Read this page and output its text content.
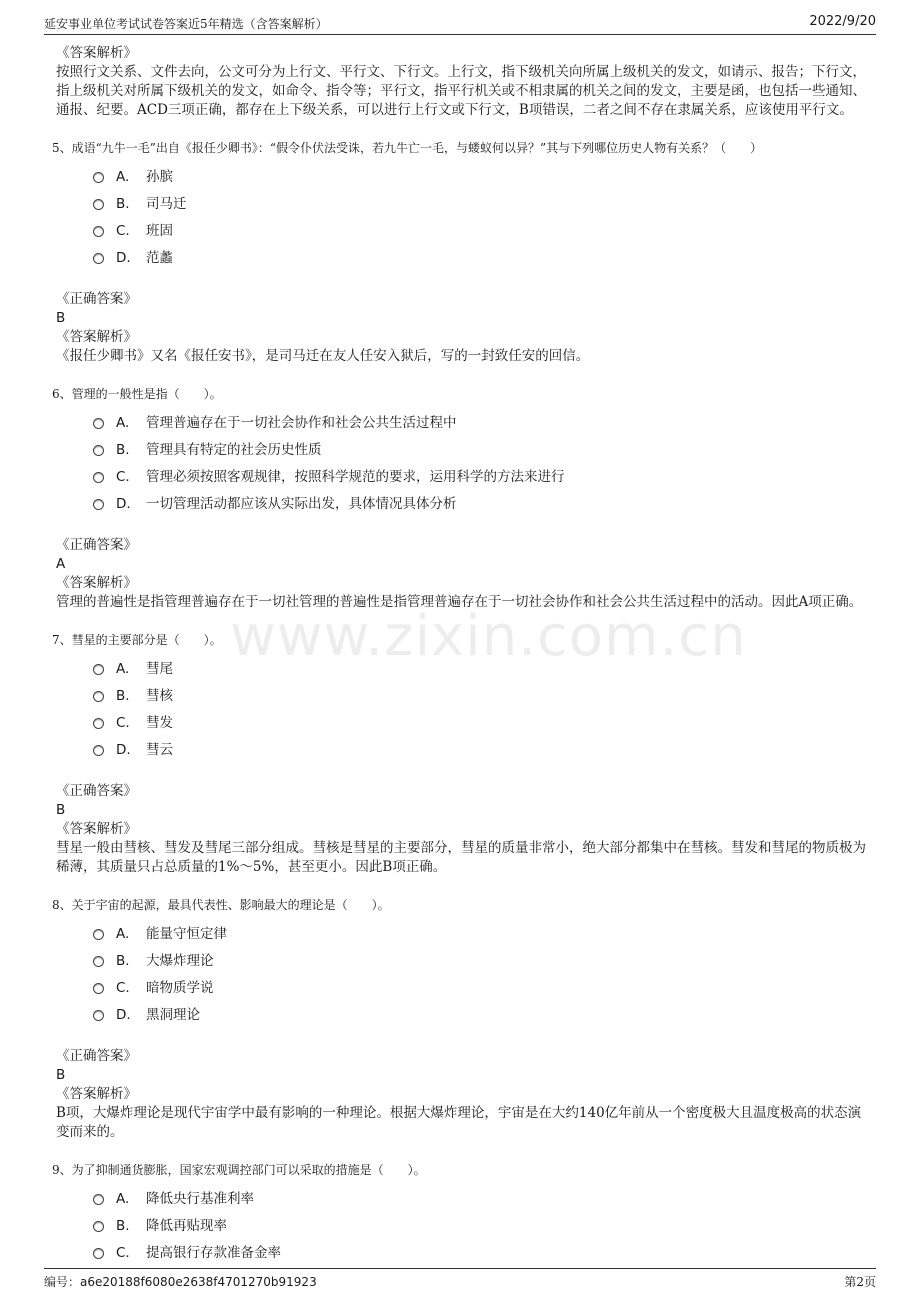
延安事业单位考试试卷答案近5年精选（含答案解析）	2022/9/20
www.zixin.com.cn
《答案解析》
按照行文关系、文件去向，公文可分为上行文、平行文、下行文。上行文，指下级机关向所属上级机关的发文，如请示、报告；下行文，指上级机关对所属下级机关的发文，如命令、指令等；平行文，指平行机关或不相隶属的机关之间的发文，主要是函，也包括一些通知、通报、纪要。ACD三项正确，都存在上下级关系，可以进行上行文或下行文，B项错误，二者之间不存在隶属关系，应该使用平行文。
5、成语“九牛一毛”出自《报任少卿书》：“假令仆伏法受诛，若九牛亡一毛，与蝼蚁何以异？”其与下列哪位历史人物有关系？（　　）
A. 孙膑
B. 司马迁
C. 班固
D. 范蠡
《正确答案》
B
《答案解析》
《报任少卿书》又名《报任安书》，是司马迁在友人任安入狱后，写的一封致任安的回信。
6、管理的一般性是指（　　）。
A. 管理普遍存在于一切社会协作和社会公共生活过程中
B. 管理具有特定的社会历史性质
C. 管理必须按照客观规律，按照科学规范的要求，运用科学的方法来进行
D. 一切管理活动都应该从实际出发，具体情况具体分析
《正确答案》
A
《答案解析》
管理的普遍性是指管理普遍存在于一切社管理的普遍性是指管理普遍存在于一切社会协作和社会公共生活过程中的活动。因此A项正确。
7、彗星的主要部分是（　　）。
A. 彗尾
B. 彗核
C. 彗发
D. 彗云
《正确答案》
B
《答案解析》
彗星一般由彗核、彗发及彗尾三部分组成。彗核是彗星的主要部分，彗星的质量非常小，绝大部分都集中在彗核。彗发和彗尾的物质极为稀薄，其质量只占总质量的1%～5%，甚至更小。因此B项正确。
8、关于宇宙的起源，最具代表性、影响最大的理论是（　　）。
A. 能量守恒定律
B. 大爆炸理论
C. 暗物质学说
D. 黑洞理论
《正确答案》
B
《答案解析》
B项，大爆炸理论是现代宇宙学中最有影响的一种理论。根据大爆炸理论，宇宙是在大约140亿年前从一个密度极大且温度极高的状态演变而来的。
9、为了抑制通货膨胀，国家宏观调控部门可以采取的措施是（　　）。
A. 降低央行基准利率
B. 降低再贴现率
C. 提高银行存款准备金率
编号：a6e20188f6080e2638f4701270b91923	第2页
